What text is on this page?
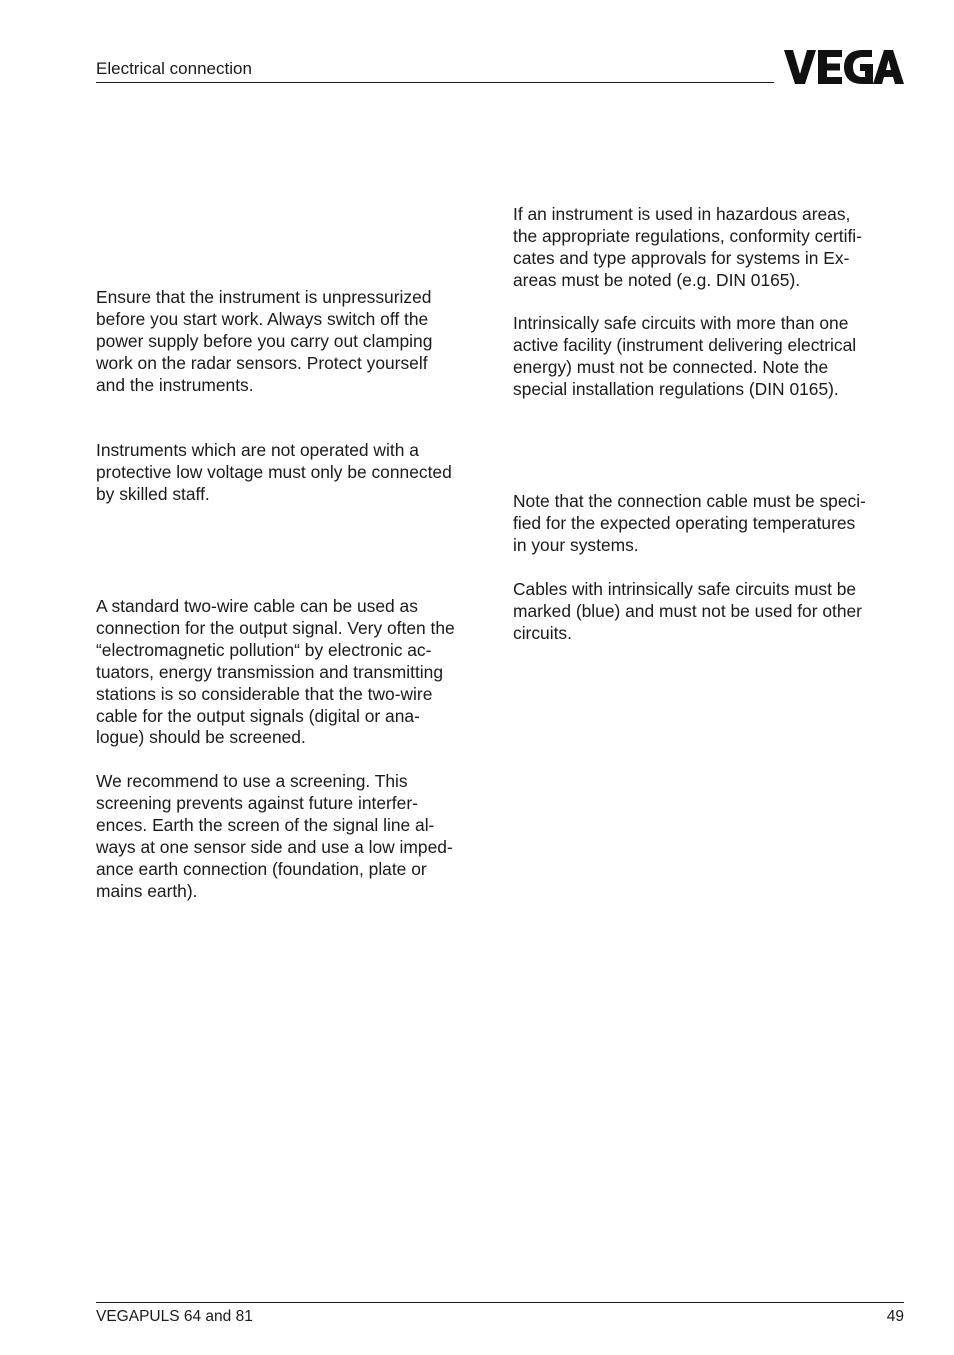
Electrical connection

Ensure that the instrument is unpressurized
before you start work. Always switch off the
power supply before you carry out clamping
work on the radar sensors. Protect yourself
and the instruments.

Instruments which are not operated with a
protective low voltage must only be connected
by skilled staff.

A standard two-wire cable can be used as
connection for the output signal. Very often the
“electromagnetic pollution“ by electronic ac-
tuators, energy transmission and transmitting
stations is so considerable that the two-wire
cable for the output signals (digital or ana-
logue) should be screened.

We recommend to use a screening. This
screening prevents against future interfer-
ences. Earth the screen of the signal line al-
ways at one sensor side and use a low imped-
ance earth connection (foundation, plate or
mains earth).

If an instrument is used in hazardous areas,
the appropriate regulations, conformity certifi-
cates and type approvals for systems in Ex-
areas must be noted (e.g. DIN 0165).

Intrinsically safe circuits with more than one
active facility (instrument delivering electrical
energy) must not be connected. Note the
special installation regulations (DIN 0165).

Note that the connection cable must be speci-
fied for the expected operating temperatures
in your systems.

Cables with intrinsically safe circuits must be
marked (blue) and must not be used for other
circuits.

VEGAPULS 64 and 81	49
